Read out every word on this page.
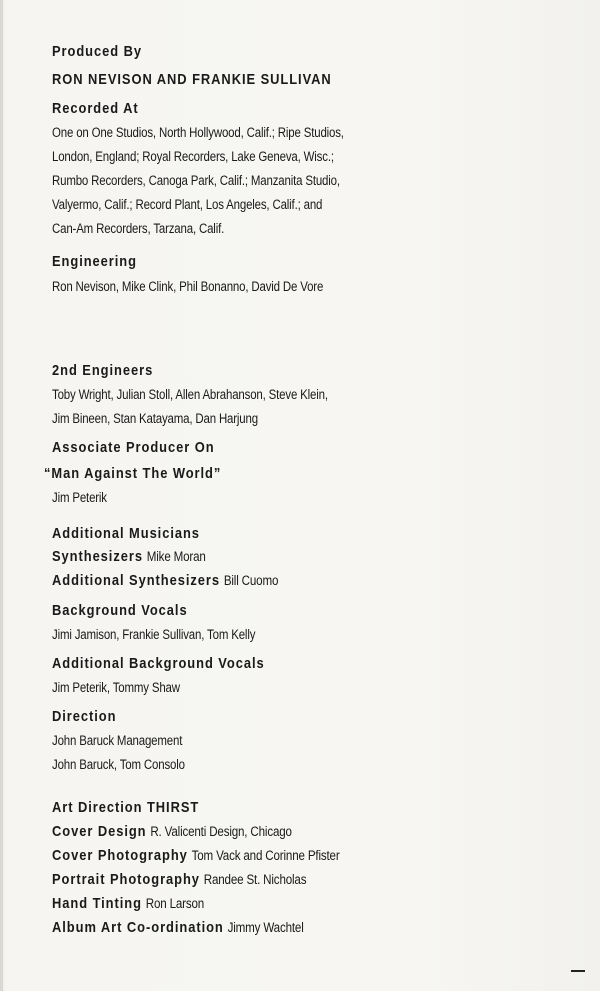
Produced By
RON NEVISON AND FRANKIE SULLIVAN
Recorded At
One on One Studios, North Hollywood, Calif.; Ripe Studios,
London, England; Royal Recorders, Lake Geneva, Wisc.;
Rumbo Recorders, Canoga Park, Calif.; Manzanita Studio,
Valyermo, Calif.; Record Plant, Los Angeles, Calif.; and
Can-Am Recorders, Tarzana, Calif.
Engineering
Ron Nevison, Mike Clink, Phil Bonanno, David De Vore
2nd Engineers
Toby Wright, Julian Stoll, Allen Abrahanson, Steve Klein,
Jim Bineen, Stan Katayama, Dan Harjung
Associate Producer On
“Man Against The World”
Jim Peterik
Additional Musicians
Synthesizers Mike Moran
Additional Synthesizers Bill Cuomo
Background Vocals
Jimi Jamison, Frankie Sullivan, Tom Kelly
Additional Background Vocals
Jim Peterik, Tommy Shaw
Direction
John Baruck Management
John Baruck, Tom Consolo
Art Direction THIRST
Cover Design R. Valicenti Design, Chicago
Cover Photography Tom Vack and Corinne Pfister
Portrait Photography Randee St. Nicholas
Hand Tinting Ron Larson
Album Art Co-ordination Jimmy Wachtel
